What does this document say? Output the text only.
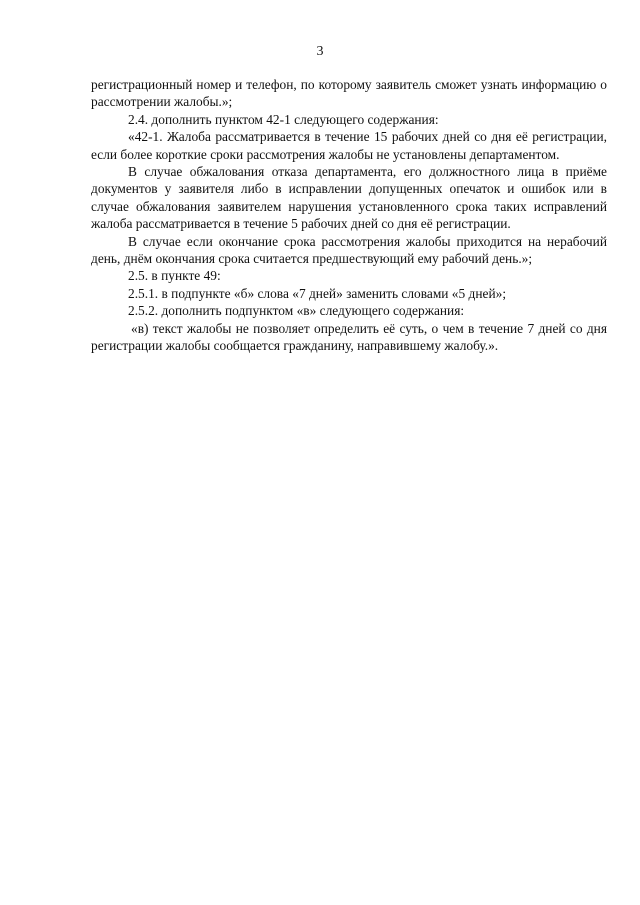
3

регистрационный номер и телефон, по которому заявитель сможет узнать информацию о рассмотрении жалобы.»;

2.4. дополнить пунктом 42-1 следующего содержания:

«42-1. Жалоба рассматривается в течение 15 рабочих дней со дня её регистрации, если более короткие сроки рассмотрения жалобы не установлены департаментом.

В случае обжалования отказа департамента, его должностного лица в приёме документов у заявителя либо в исправлении допущенных опечаток и ошибок или в случае обжалования заявителем нарушения установленного срока таких исправлений жалоба рассматривается в течение 5 рабочих дней со дня её регистрации.

В случае если окончание срока рассмотрения жалобы приходится на нерабочий день, днём окончания срока считается предшествующий ему рабочий день.»;

2.5. в пункте 49:

2.5.1. в подпункте «б» слова «7 дней» заменить словами «5 дней»;

2.5.2. дополнить подпунктом «в» следующего содержания:

«в) текст жалобы не позволяет определить её суть, о чем в течение 7 дней со дня регистрации жалобы сообщается гражданину, направившему жалобу.».
